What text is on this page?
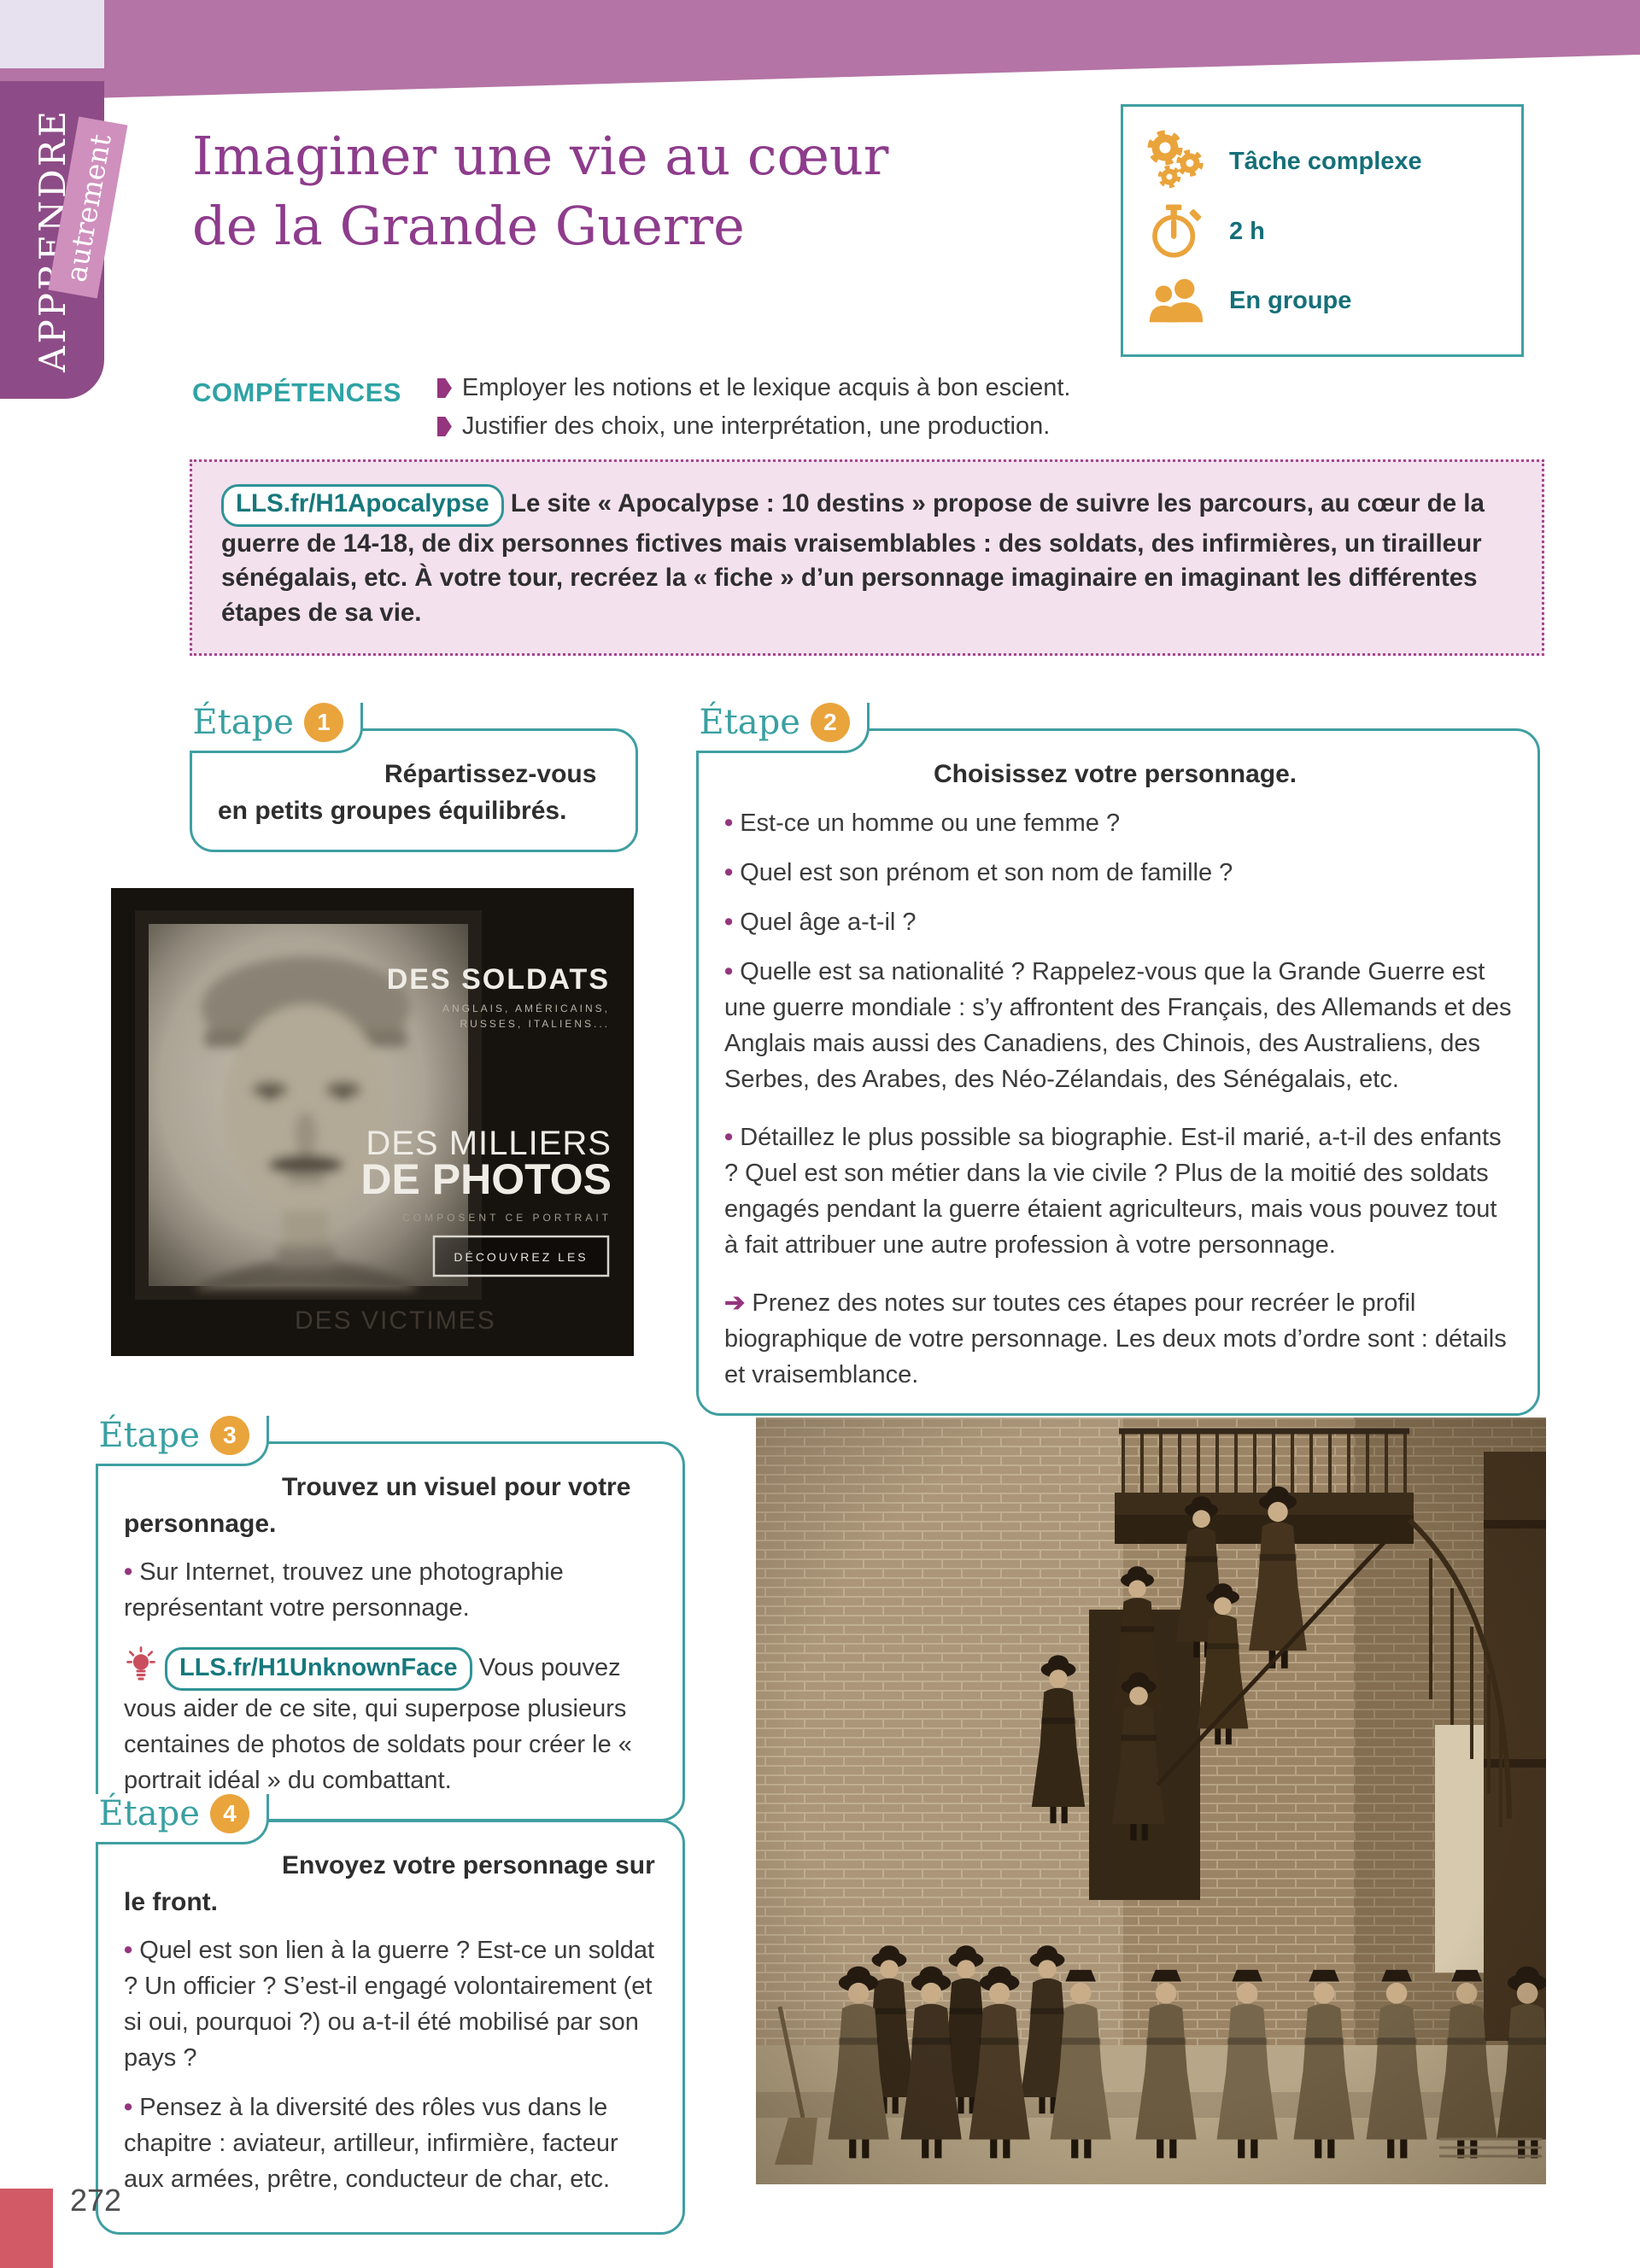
APPRENDRE
autrement Imaginer une vie au cœur
de la Grande Guerre
Tâche complexe
2 h
En groupe
COMPÉTENCES Employer les notions et le lexique acquis à bon escient.
Justifier des choix, une interprétation, une production.
LLS.fr/H1Apocalypse Le site « Apocalypse : 10 destins » propose de suivre les parcours, au cœur de la guerre de 14-18, de dix personnes fictives mais vraisemblables : des soldats, des infirmières, un tirailleur sénégalais, etc. À votre tour, recréez la « fiche » d’un personnage imaginaire en imaginant les différentes étapes de sa vie.
Étape 1

Répartissez-vous en petits groupes équilibrés.

Étape 2

Choisissez votre personnage.

• Est-ce un homme ou une femme ?
• Quel est son prénom et son nom de famille ?
• Quel âge a-t-il ?
• Quelle est sa nationalité ? Rappelez-vous que la Grande Guerre est une guerre mondiale : s’y affrontent des Français, des Allemands et des Anglais mais aussi des Canadiens, des Chinois, des Australiens, des Serbes, des Arabes, des Néo-Zélandais, des Sénégalais, etc.
• Détaillez le plus possible sa biographie. Est-il marié, a-t-il des enfants ? Quel est son métier dans la vie civile ? Plus de la moitié des soldats engagés pendant la guerre étaient agriculteurs, mais vous pouvez tout à fait attribuer une autre profession à votre personnage.

➔ Prenez des notes sur toutes ces étapes pour recréer le profil biographique de votre personnage. Les deux mots d’ordre sont : détails et vraisemblance.

DES SOLDATS
ANGLAIS, AMÉRICAINS,
RUSSES, ITALIENS...
DES MILLIERS
DE PHOTOS
COMPOSENT CE PORTRAIT
DÉCOUVREZ LES
DES VICTIMES
Étape 3

Trouvez un visuel pour votre personnage.

• Sur Internet, trouvez une photographie représentant votre personnage.

LLS.fr/H1UnknownFace Vous pouvez vous aider de ce site, qui superpose plusieurs centaines de photos de soldats pour créer le « portrait idéal » du combattant.

Étape 4

Envoyez votre personnage sur le front.

• Quel est son lien à la guerre ? Est-ce un soldat ? Un officier ? S’est-il engagé volontairement (et si oui, pourquoi ?) ou a-t-il été mobilisé par son pays ?
• Pensez à la diversité des rôles vus dans le chapitre : aviateur, artilleur, infirmière, facteur aux armées, prêtre, conducteur de char, etc.
272
